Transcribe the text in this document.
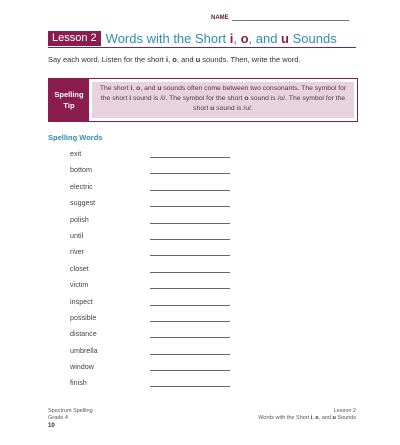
NAME
Lesson 2 Words with the Short i, o, and u Sounds
Say each word. Listen for the short i, o, and u sounds. Then, write the word.
Spelling
Tip
The short i, o, and u sounds often come between two consonants. The symbol for the short i sound is /i/. The symbol for the short o sound is /o/. The symbol for the short u sound is /u/.
Spelling Words
exit
bottom
electric
suggest
polish
until
river
closet
victim
inspect
possible
distance
umbrella
window
finish
Spectrum Spelling
Grade 4
10
Lesson 2
Words with the Short i, o, and u Sounds
